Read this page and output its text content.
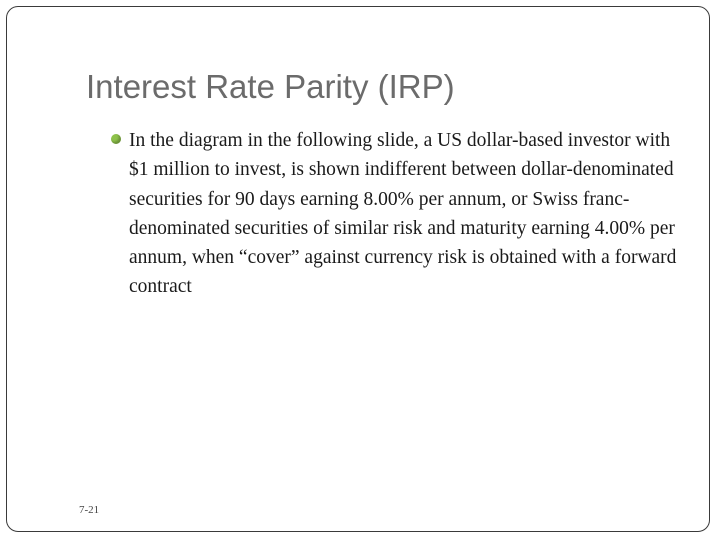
Interest Rate Parity (IRP)
In the diagram in the following slide, a US dollar-based investor with $1 million to invest, is shown indifferent between dollar-denominated securities for 90 days earning 8.00% per annum, or Swiss franc-denominated securities of similar risk and maturity earning 4.00% per annum, when “cover” against currency risk is obtained with a forward contract
7-21
